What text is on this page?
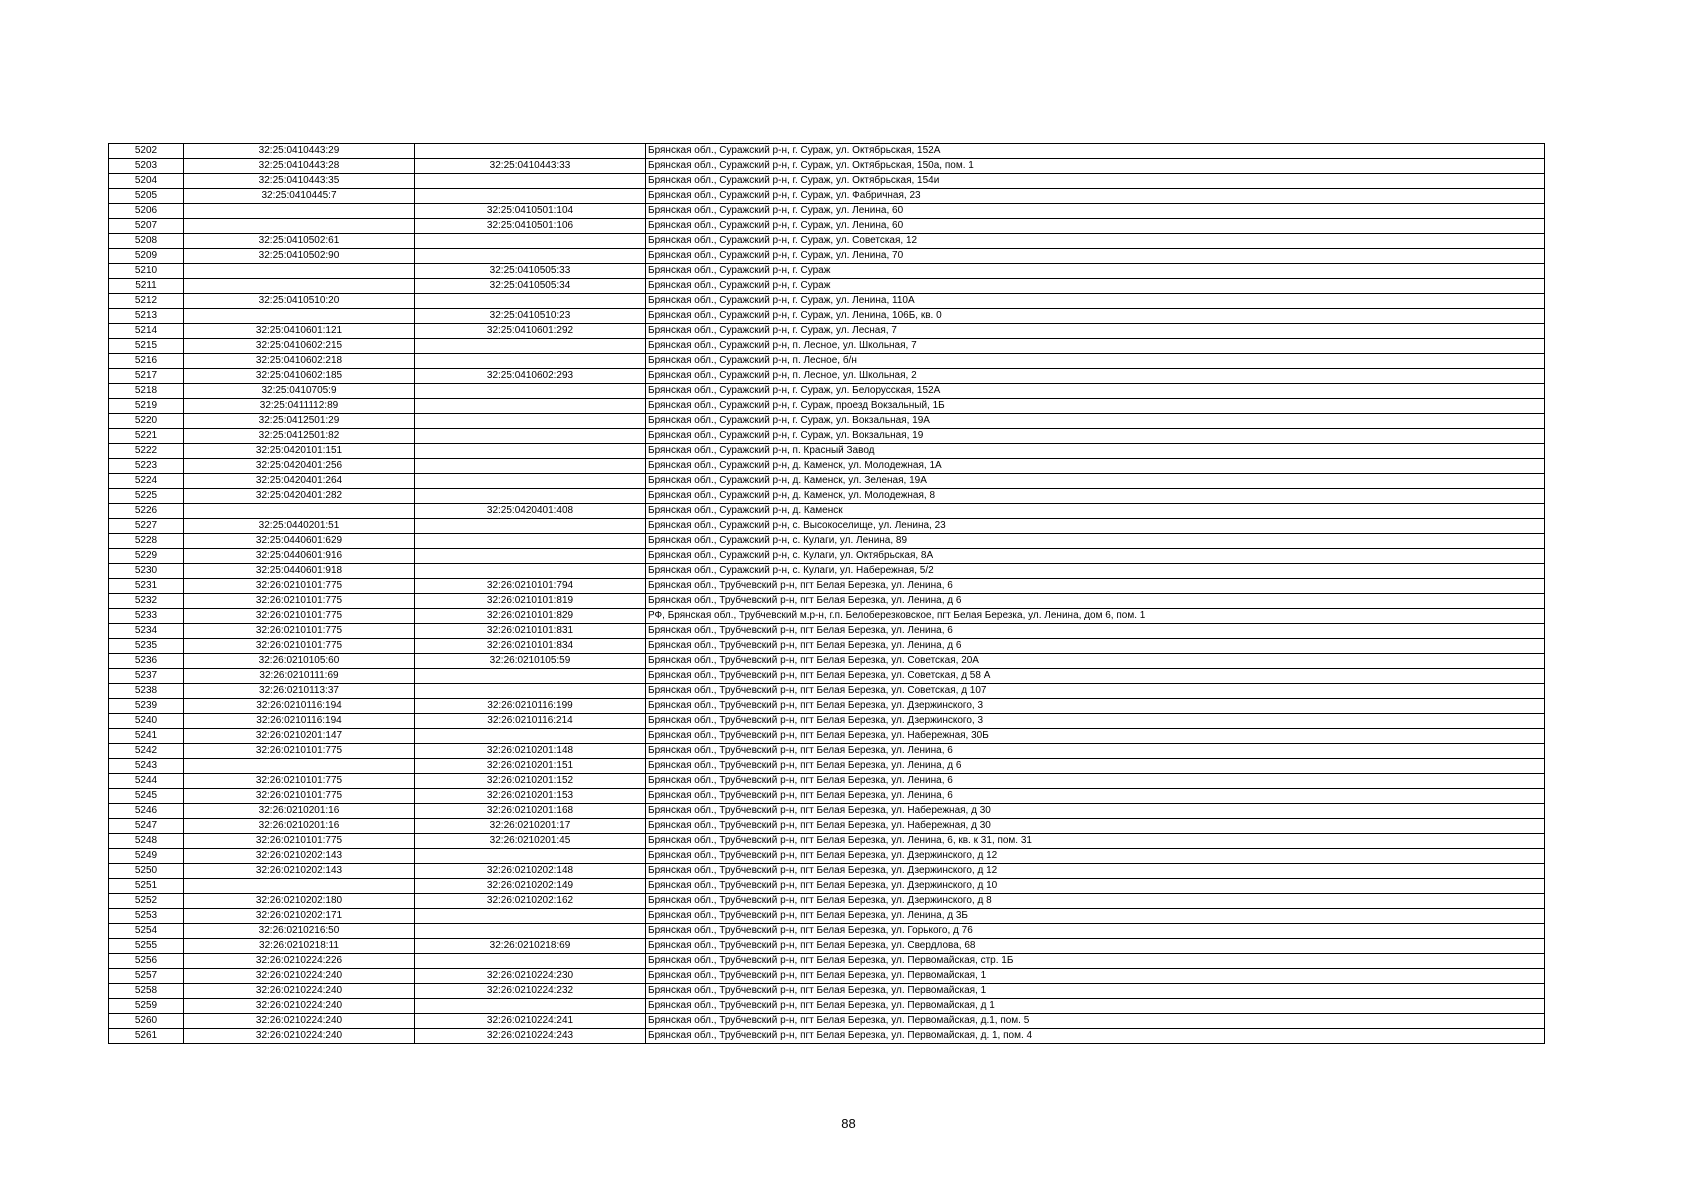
5202	32:25:0410443:29		Брянская обл., Суражский р-н, г. Сураж, ул. Октябрьская, 152А
5203	32:25:0410443:28	32:25:0410443:33	Брянская обл., Суражский р-н, г. Сураж, ул. Октябрьская, 150а, пом. 1
5204	32:25:0410443:35		Брянская обл., Суражский р-н, г. Сураж, ул. Октябрьская, 154и
5205	32:25:0410445:7		Брянская обл., Суражский р-н, г. Сураж, ул. Фабричная, 23
5206		32:25:0410501:104	Брянская обл., Суражский р-н, г. Сураж, ул. Ленина, 60
5207		32:25:0410501:106	Брянская обл., Суражский р-н, г. Сураж, ул. Ленина, 60
5208	32:25:0410502:61		Брянская обл., Суражский р-н, г. Сураж, ул. Советская, 12
5209	32:25:0410502:90		Брянская обл., Суражский р-н, г. Сураж, ул. Ленина, 70
5210		32:25:0410505:33	Брянская обл., Суражский р-н, г. Сураж
5211		32:25:0410505:34	Брянская обл., Суражский р-н, г. Сураж
5212	32:25:0410510:20		Брянская обл., Суражский р-н, г. Сураж, ул. Ленина, 110А
5213		32:25:0410510:23	Брянская обл., Суражский р-н, г. Сураж, ул. Ленина, 106Б, кв. 0
5214	32:25:0410601:121	32:25:0410601:292	Брянская обл., Суражский р-н, г. Сураж, ул. Лесная, 7
5215	32:25:0410602:215		Брянская обл., Суражский р-н, п. Лесное, ул. Школьная, 7
5216	32:25:0410602:218		Брянская обл., Суражский р-н, п. Лесное, б/н
5217	32:25:0410602:185	32:25:0410602:293	Брянская обл., Суражский р-н, п. Лесное, ул. Школьная, 2
5218	32:25:0410705:9		Брянская обл., Суражский р-н, г. Сураж, ул. Белорусская, 152А
5219	32:25:0411112:89		Брянская обл., Суражский р-н, г. Сураж, проезд Вокзальный, 1Б
5220	32:25:0412501:29		Брянская обл., Суражский р-н, г. Сураж, ул. Вокзальная, 19А
5221	32:25:0412501:82		Брянская обл., Суражский р-н, г. Сураж, ул. Вокзальная, 19
5222	32:25:0420101:151		Брянская обл., Суражский р-н, п. Красный Завод
5223	32:25:0420401:256		Брянская обл., Суражский р-н, д. Каменск, ул. Молодежная, 1А
5224	32:25:0420401:264		Брянская обл., Суражский р-н, д. Каменск, ул. Зеленая, 19А
5225	32:25:0420401:282		Брянская обл., Суражский р-н, д. Каменск, ул. Молодежная, 8
5226		32:25:0420401:408	Брянская обл., Суражский р-н, д. Каменск
5227	32:25:0440201:51		Брянская обл., Суражский р-н, с. Высокоселище, ул. Ленина, 23
5228	32:25:0440601:629		Брянская обл., Суражский р-н, с. Кулаги, ул. Ленина, 89
5229	32:25:0440601:916		Брянская обл., Суражский р-н, с. Кулаги, ул. Октябрьская, 8А
5230	32:25:0440601:918		Брянская обл., Суражский р-н, с. Кулаги, ул. Набережная, 5/2
5231	32:26:0210101:775	32:26:0210101:794	Брянская обл., Трубчевский р-н, пгт Белая Березка, ул. Ленина, 6
5232	32:26:0210101:775	32:26:0210101:819	Брянская обл., Трубчевский р-н, пгт Белая Березка, ул. Ленина, д 6
5233	32:26:0210101:775	32:26:0210101:829	РФ, Брянская обл., Трубчевский м.р-н, г.п. Белоберезковское, пгт Белая Березка, ул. Ленина, дом 6, пом. 1
5234	32:26:0210101:775	32:26:0210101:831	Брянская обл., Трубчевский р-н, пгт Белая Березка, ул. Ленина, 6
5235	32:26:0210101:775	32:26:0210101:834	Брянская обл., Трубчевский р-н, пгт Белая Березка, ул. Ленина, д 6
5236	32:26:0210105:60	32:26:0210105:59	Брянская обл., Трубчевский р-н, пгт Белая Березка, ул. Советская, 20А
5237	32:26:0210111:69		Брянская обл., Трубчевский р-н, пгт Белая Березка, ул. Советская, д 58 А
5238	32:26:0210113:37		Брянская обл., Трубчевский р-н, пгт Белая Березка, ул. Советская, д 107
5239	32:26:0210116:194	32:26:0210116:199	Брянская обл., Трубчевский р-н, пгт Белая Березка, ул. Дзержинского, 3
5240	32:26:0210116:194	32:26:0210116:214	Брянская обл., Трубчевский р-н, пгт Белая Березка, ул. Дзержинского, 3
5241	32:26:0210201:147		Брянская обл., Трубчевский р-н, пгт Белая Березка, ул. Набережная, 30Б
5242	32:26:0210101:775	32:26:0210201:148	Брянская обл., Трубчевский р-н, пгт Белая Березка, ул. Ленина, 6
5243		32:26:0210201:151	Брянская обл., Трубчевский р-н, пгт Белая Березка, ул. Ленина, д 6
5244	32:26:0210101:775	32:26:0210201:152	Брянская обл., Трубчевский р-н, пгт Белая Березка, ул. Ленина, 6
5245	32:26:0210101:775	32:26:0210201:153	Брянская обл., Трубчевский р-н, пгт Белая Березка, ул. Ленина, 6
5246	32:26:0210201:16	32:26:0210201:168	Брянская обл., Трубчевский р-н, пгт Белая Березка, ул. Набережная, д 30
5247	32:26:0210201:16	32:26:0210201:17	Брянская обл., Трубчевский р-н, пгт Белая Березка, ул. Набережная, д 30
5248	32:26:0210101:775	32:26:0210201:45	Брянская обл., Трубчевский р-н, пгт Белая Березка, ул. Ленина, 6, кв. к 31, пом. 31
5249	32:26:0210202:143		Брянская обл., Трубчевский р-н, пгт Белая Березка, ул. Дзержинского, д 12
5250	32:26:0210202:143	32:26:0210202:148	Брянская обл., Трубчевский р-н, пгт Белая Березка, ул. Дзержинского, д 12
5251		32:26:0210202:149	Брянская обл., Трубчевский р-н, пгт Белая Березка, ул. Дзержинского, д 10
5252	32:26:0210202:180	32:26:0210202:162	Брянская обл., Трубчевский р-н, пгт Белая Березка, ул. Дзержинского, д 8
5253	32:26:0210202:171		Брянская обл., Трубчевский р-н, пгт Белая Березка, ул. Ленина, д 3Б
5254	32:26:0210216:50		Брянская обл., Трубчевский р-н, пгт Белая Березка, ул. Горького, д 76
5255	32:26:0210218:11	32:26:0210218:69	Брянская обл., Трубчевский р-н, пгт Белая Березка, ул. Свердлова, 68
5256	32:26:0210224:226		Брянская обл., Трубчевский р-н, пгт Белая Березка, ул. Первомайская, стр. 1Б
5257	32:26:0210224:240	32:26:0210224:230	Брянская обл., Трубчевский р-н, пгт Белая Березка, ул. Первомайская, 1
5258	32:26:0210224:240	32:26:0210224:232	Брянская обл., Трубчевский р-н, пгт Белая Березка, ул. Первомайская, 1
5259	32:26:0210224:240		Брянская обл., Трубчевский р-н, пгт Белая Березка, ул. Первомайская, д 1
5260	32:26:0210224:240	32:26:0210224:241	Брянская обл., Трубчевский р-н, пгт Белая Березка, ул. Первомайская, д.1, пом. 5
5261	32:26:0210224:240	32:26:0210224:243	Брянская обл., Трубчевский р-н, пгт Белая Березка, ул. Первомайская, д. 1, пом. 4
88
